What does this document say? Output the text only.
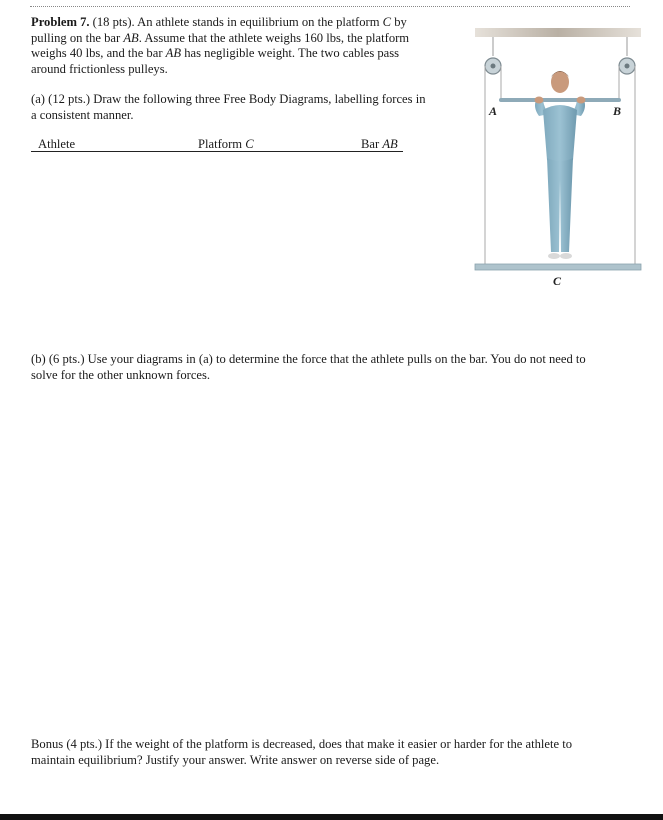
Problem 7. (18 pts). An athlete stands in equilibrium on the platform C by
pulling on the bar AB. Assume that the athlete weighs 160 lbs, the platform
weighs 40 lbs, and the bar AB has negligible weight. The two cables pass
around frictionless pulleys.

(a) (12 pts.) Draw the following three Free Body Diagrams, labelling forces in
a consistent manner.

Athlete	Platform C	Bar AB
A	B
C

(b) (6 pts.) Use your diagrams in (a) to determine the force that the athlete pulls on the bar. You do not need to
solve for the other unknown forces.

Bonus (4 pts.) If the weight of the platform is decreased, does that make it easier or harder for the athlete to
maintain equilibrium? Justify your answer. Write answer on reverse side of page.
